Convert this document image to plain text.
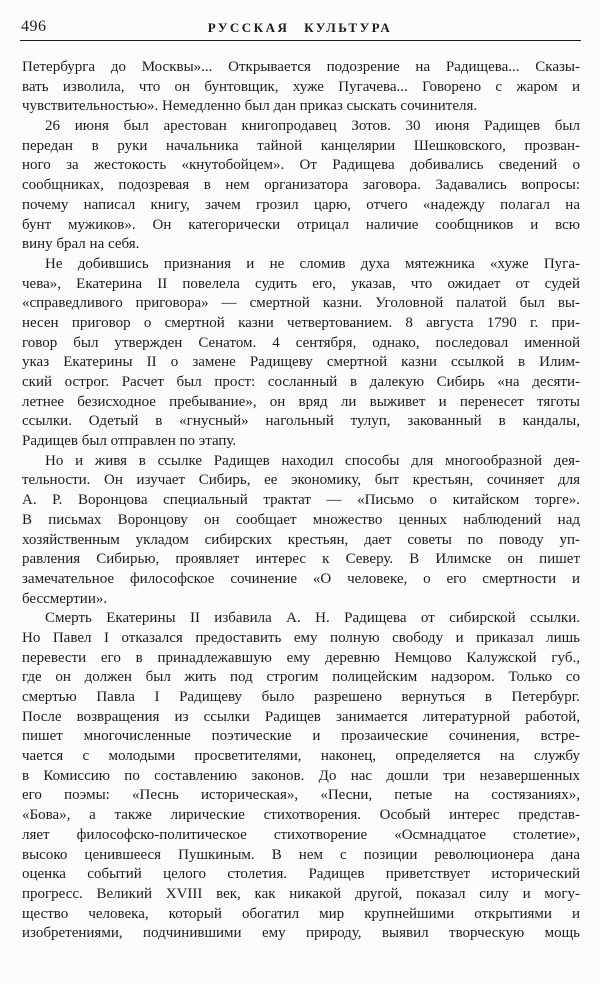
496	РУССКАЯ КУЛЬТУРА
Петербурга до Москвы»... Открывается подозрение на Радищева... Сказы-
вать изволила, что он бунтовщик, хуже Пугачева... Говорено с жаром и
чувствительностью». Немедленно был дан приказ сыскать сочинителя.
26 июня был арестован книгопродавец Зотов. 30 июня Радищев был
передан в руки начальника тайной канцелярии Шешковского, прозван-
ного за жестокость «кнутобойцем». От Радищева добивались сведений о
сообщниках, подозревая в нем организатора заговора. Задавались вопросы:
почему написал книгу, зачем грозил царю, отчего «надежду полагал на
бунт мужиков». Он категорически отрицал наличие сообщников и всю
вину брал на себя.
Не добившись признания и не сломив духа мятежника «хуже Пуга-
чева», Екатерина II повелела судить его, указав, что ожидает от судей
«справедливого приговора» — смертной казни. Уголовной палатой был вы-
несен приговор о смертной казни четвертованием. 8 августа 1790 г. при-
говор был утвержден Сенатом. 4 сентября, однако, последовал именной
указ Екатерины II о замене Радищеву смертной казни ссылкой в Илим-
ский острог. Расчет был прост: сосланный в далекую Сибирь «на десяти-
летнее безисходное пребывание», он вряд ли выживет и перенесет тяготы
ссылки. Одетый в «гнусный» нагольный тулуп, закованный в кандалы,
Радищев был отправлен по этапу.
Но и живя в ссылке Радищев находил способы для многообразной дея-
тельности. Он изучает Сибирь, ее экономику, быт крестьян, сочиняет для
А. Р. Воронцова специальный трактат — «Письмо о китайском торге».
В письмах Воронцову он сообщает множество ценных наблюдений над
хозяйственным укладом сибирских крестьян, дает советы по поводу уп-
равления Сибирью, проявляет интерес к Северу. В Илимске он пишет
замечательное философское сочинение «О человеке, о его смертности и
бессмертии».
Смерть Екатерины II избавила А. Н. Радищева от сибирской ссылки.
Но Павел I отказался предоставить ему полную свободу и приказал лишь
перевести его в принадлежавшую ему деревню Немцово Калужской губ.,
где он должен был жить под строгим полицейским надзором. Только со
смертью Павла I Радищеву было разрешено вернуться в Петербург.
После возвращения из ссылки Радищев занимается литературной работой,
пишет многочисленные поэтические и прозаические сочинения, встре-
чается с молодыми просветителями, наконец, определяется на службу
в Комиссию по составлению законов. До нас дошли три незавершенных
его поэмы: «Песнь историческая», «Песни, петые на состязаниях»,
«Бова», а также лирические стихотворения. Особый интерес представ-
ляет философско-политическое стихотворение «Осмнадцатое столетие»,
высоко ценившееся Пушкиным. В нем с позиции революционера дана
оценка событий целого столетия. Радищев приветствует исторический
прогресс. Великий XVIII век, как никакой другой, показал силу и могу-
щество человека, который обогатил мир крупнейшими открытиями и
изобретениями, подчинившими ему природу, выявил творческую мощь
